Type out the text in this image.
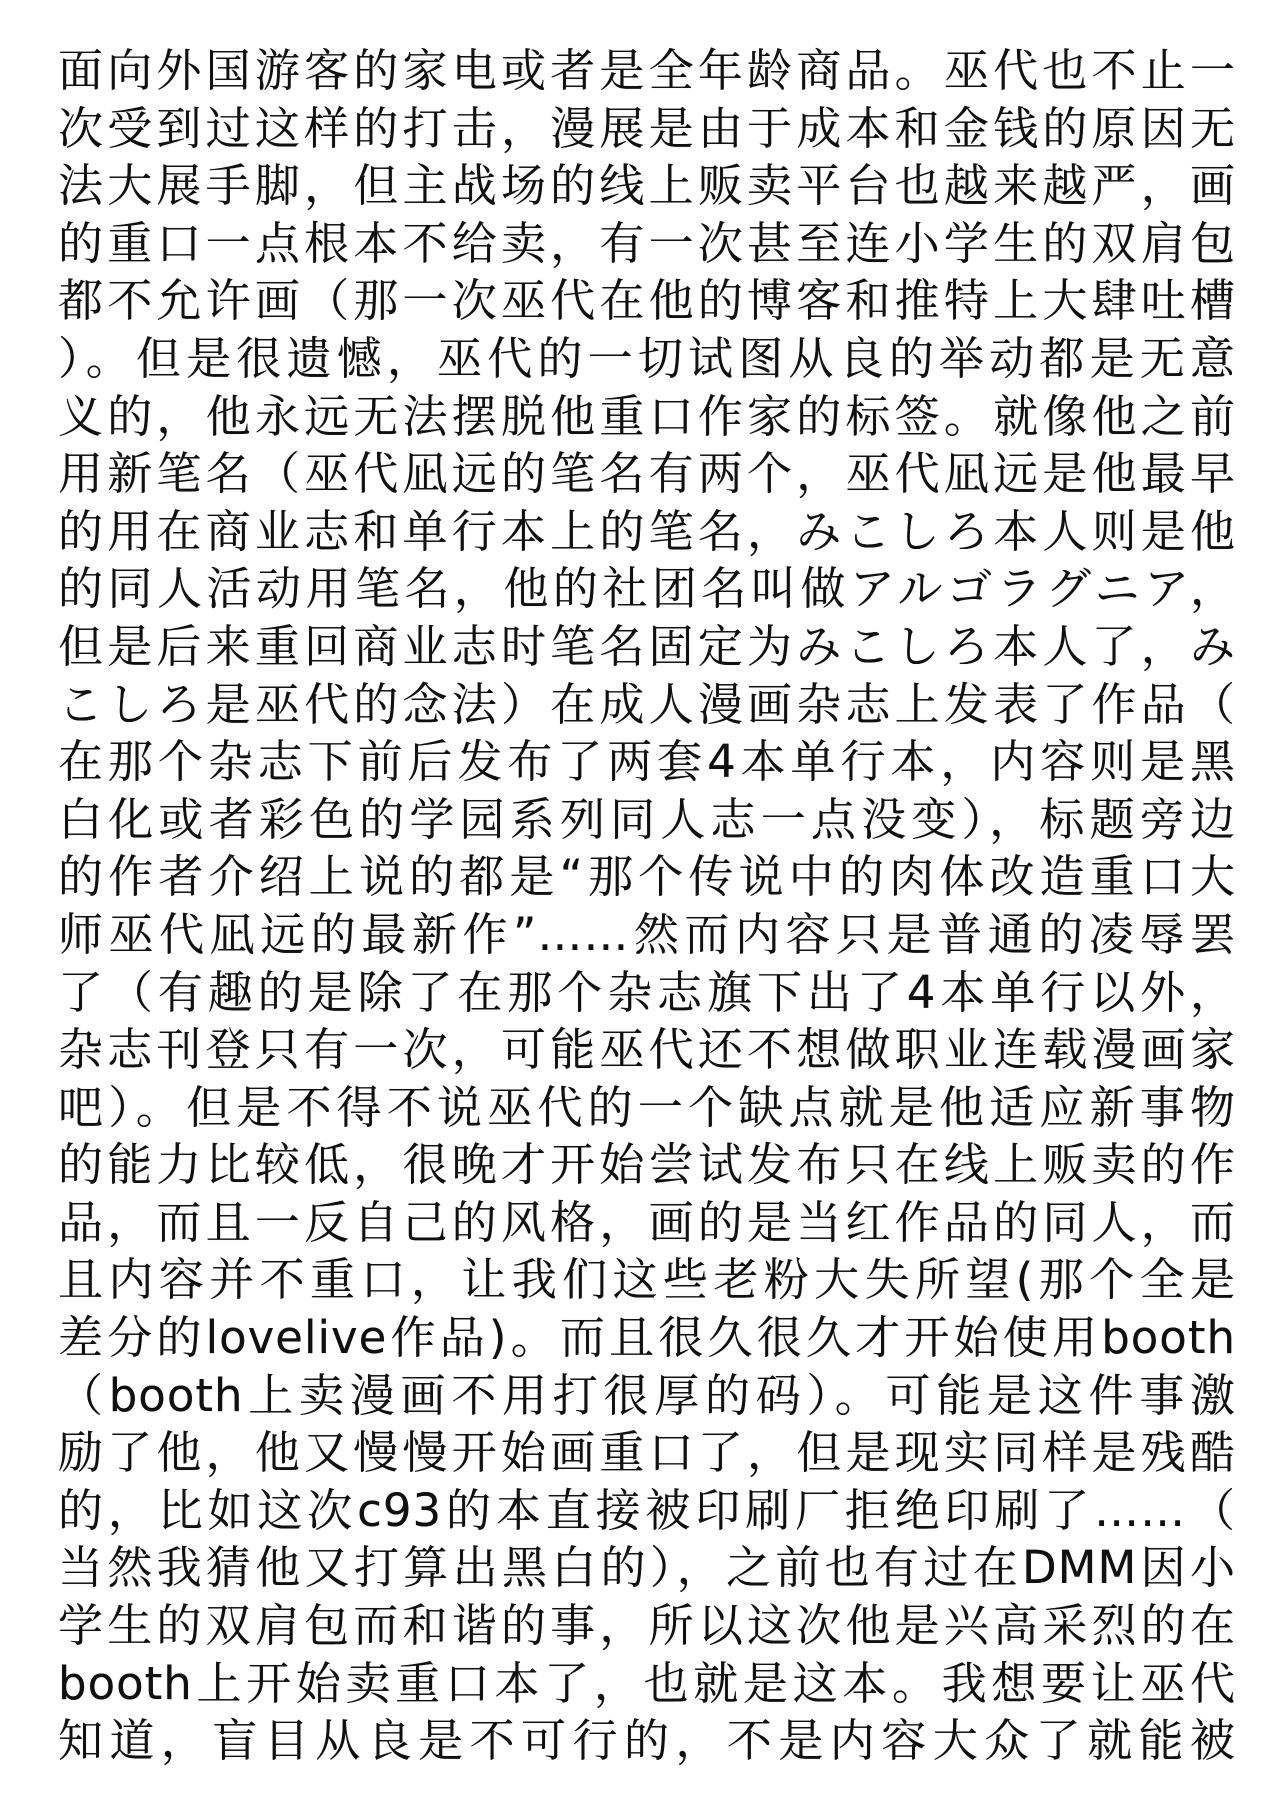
面向外国游客的家电或者是全年龄商品。巫代也不止一
次受到过这样的打击，漫展是由于成本和金钱的原因无
法大展手脚，但主战场的线上贩卖平台也越来越严，画
的重口一点根本不给卖，有一次甚至连小学生的双肩包
都不允许画（那一次巫代在他的博客和推特上大肆吐槽
）。但是很遗憾，巫代的一切试图从良的举动都是无意
义的，他永远无法摆脱他重口作家的标签。就像他之前
用新笔名（巫代凪远的笔名有两个，巫代凪远是他最早
的用在商业志和单行本上的笔名，みこしろ本人则是他
的同人活动用笔名，他的社团名叫做アルゴラグニア，
但是后来重回商业志时笔名固定为みこしろ本人了，み
こしろ是巫代的念法）在成人漫画杂志上发表了作品（
在那个杂志下前后发布了两套4本单行本，内容则是黑
白化或者彩色的学园系列同人志一点没变），标题旁边
的作者介绍上说的都是“那个传说中的肉体改造重口大
师巫代凪远的最新作”……然而内容只是普通的凌辱罢
了（有趣的是除了在那个杂志旗下出了4本单行以外，
杂志刊登只有一次，可能巫代还不想做职业连载漫画家
吧）。但是不得不说巫代的一个缺点就是他适应新事物
的能力比较低，很晚才开始尝试发布只在线上贩卖的作
品，而且一反自己的风格，画的是当红作品的同人，而
且内容并不重口，让我们这些老粉大失所望(那个全是
差分的lovelive作品)。而且很久很久才开始使用booth
（booth上卖漫画不用打很厚的码）。可能是这件事激
励了他，他又慢慢开始画重口了，但是现实同样是残酷
的，比如这次c93的本直接被印刷厂拒绝印刷了……（
当然我猜他又打算出黑白的），之前也有过在DMM因小
学生的双肩包而和谐的事，所以这次他是兴高采烈的在
booth上开始卖重口本了，也就是这本。我想要让巫代
知道，盲目从良是不可行的，不是内容大众了就能被
